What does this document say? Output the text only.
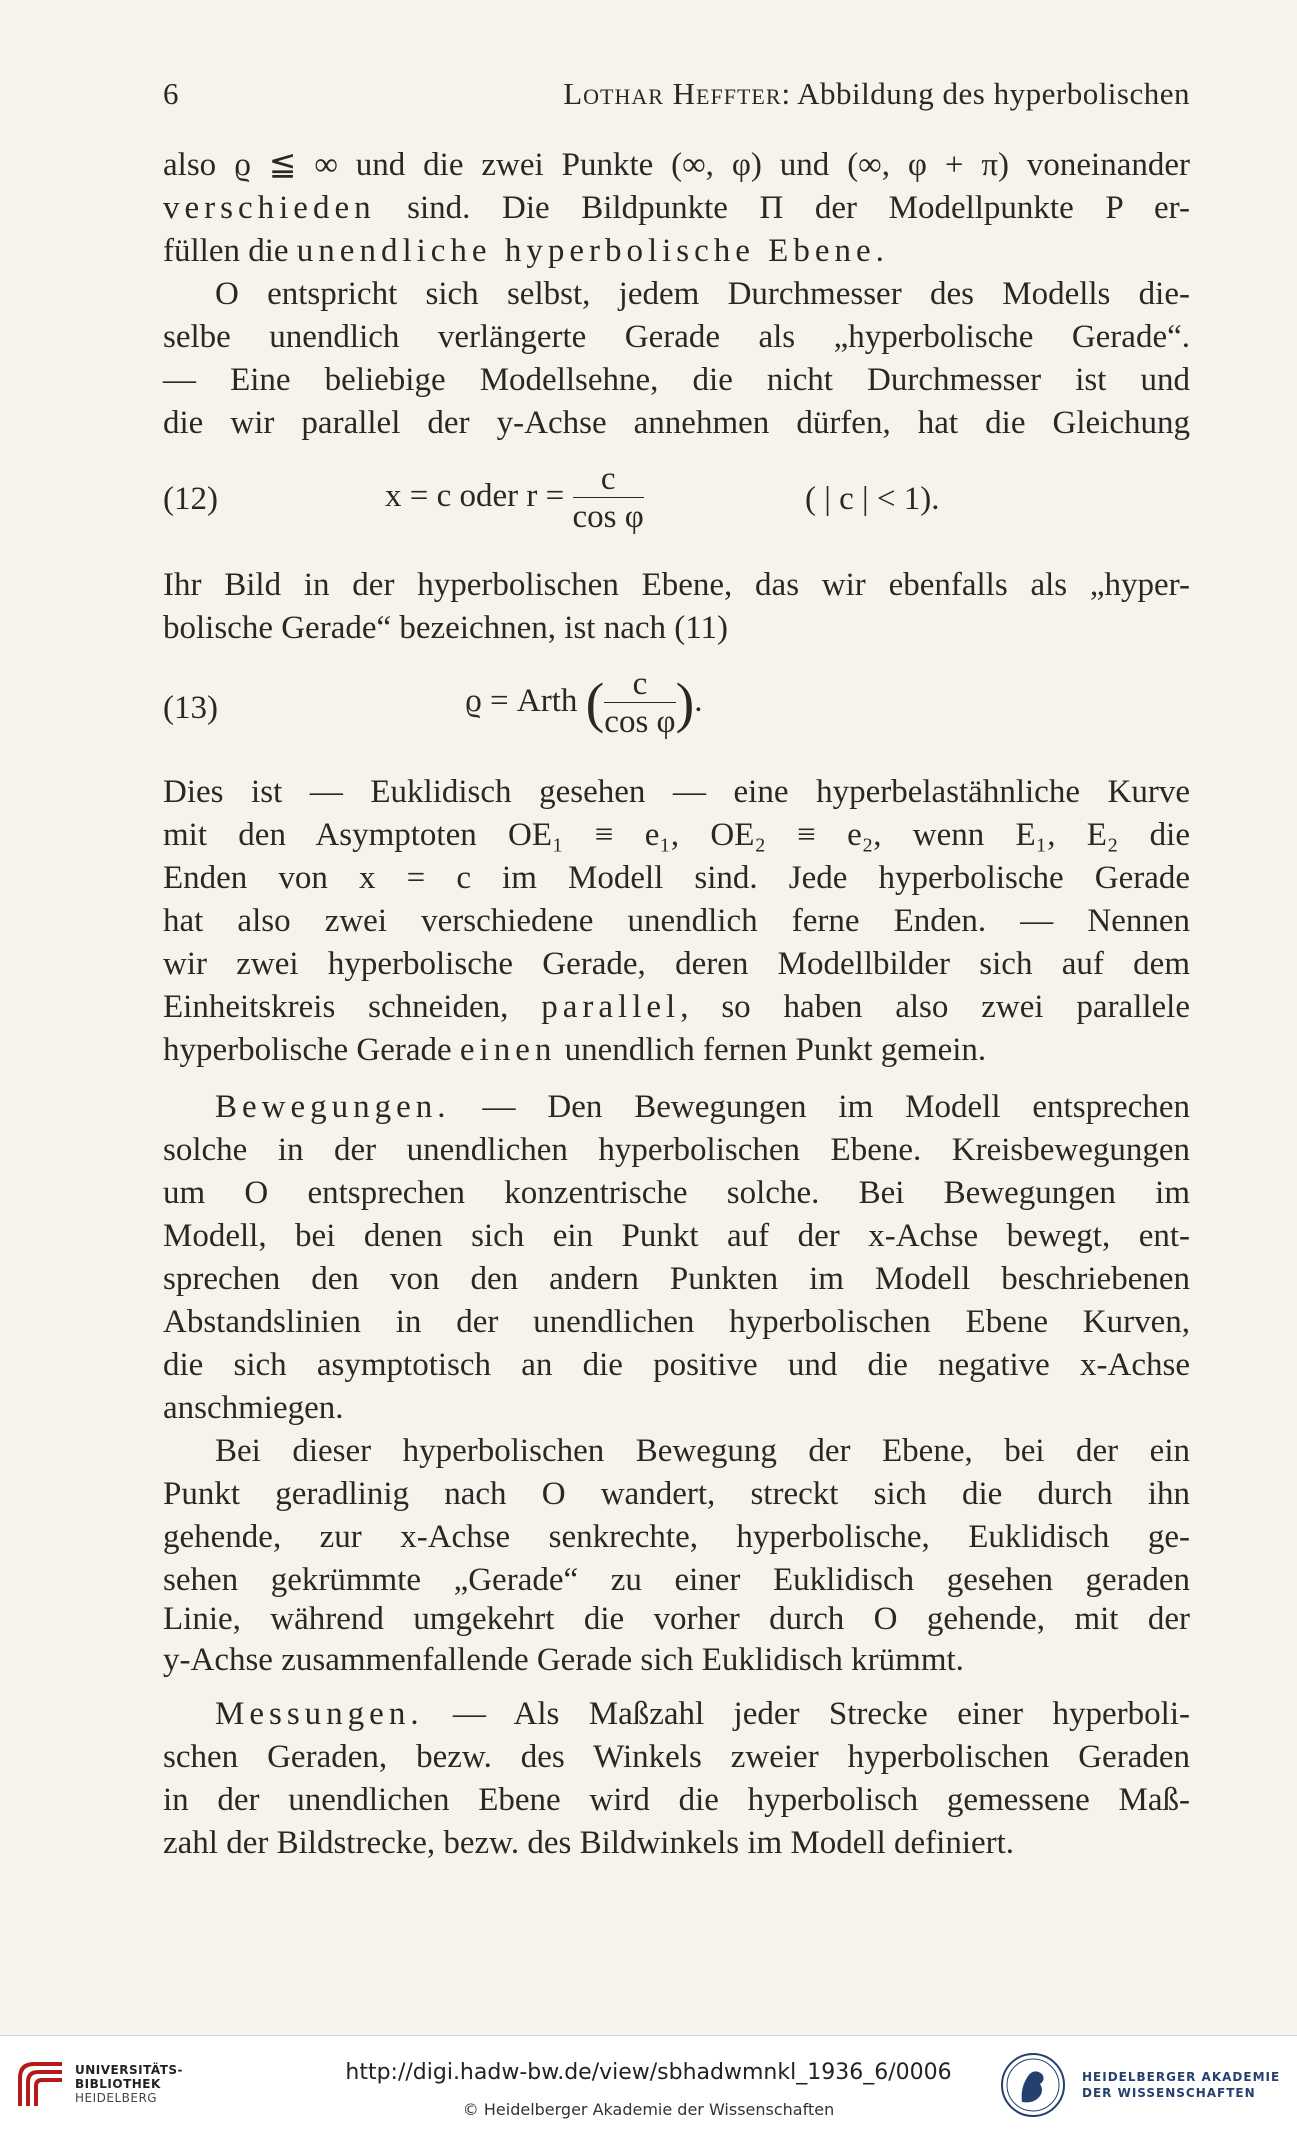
6	Lothar Heffter: Abbildung des hyperbolischen
also ϱ ≦ ∞ und die zwei Punkte (∞, φ) und (∞, φ + π) voneinander
verschieden sind. Die Bildpunkte Π der Modellpunkte P er-
füllen die unendliche hyperbolische Ebene.
O entspricht sich selbst, jedem Durchmesser des Modells die-
selbe unendlich verlängerte Gerade als „hyperbolische Gerade“.
— Eine beliebige Modellsehne, die nicht Durchmesser ist und
die wir parallel der y-Achse annehmen dürfen, hat die Gleichung
(12)	x = c oder $r = \frac{c}{\text{cos φ}}$	( | c | < 1).
Ihr Bild in der hyperbolischen Ebene, das wir ebenfalls als „hyper-
bolische Gerade“ bezeichnen, ist nach (11)
(13)	ϱ = Arth ( $\frac{c}{\text{cos φ}}$ ).
Dies ist — Euklidisch gesehen — eine hyperbelastähnliche Kurve
mit den Asymptoten OE₁ ≡ e₁, OE₂ ≡ e₂, wenn E₁, E₂ die
Enden von x = c im Modell sind. Jede hyperbolische Gerade
hat also zwei verschiedene unendlich ferne Enden. — Nennen
wir zwei hyperbolische Gerade, deren Modellbilder sich auf dem
Einheitskreis schneiden, parallel, so haben also zwei parallele
hyperbolische Gerade einen unendlich fernen Punkt gemein.
Bewegungen. — Den Bewegungen im Modell entsprechen
solche in der unendlichen hyperbolischen Ebene. Kreisbewegungen
um O entsprechen konzentrische solche. Bei Bewegungen im
Modell, bei denen sich ein Punkt auf der x-Achse bewegt, ent-
sprechen den von den andern Punkten im Modell beschriebenen
Abstandslinien in der unendlichen hyperbolischen Ebene Kurven,
die sich asymptotisch an die positive und die negative x-Achse
anschmiegen.
Bei dieser hyperbolischen Bewegung der Ebene, bei der ein
Punkt geradlinig nach O wandert, streckt sich die durch ihn
gehende, zur x-Achse senkrechte, hyperbolische, Euklidisch ge-
sehen gekrümmte „Gerade“ zu einer Euklidisch gesehen geraden
Linie, während umgekehrt die vorher durch O gehende, mit der
y-Achse zusammenfallende Gerade sich Euklidisch krümmt.
Messungen. — Als Maßzahl jeder Strecke einer hyperboli-
schen Geraden, bezw. des Winkels zweier hyperbolischen Geraden
in der unendlichen Ebene wird die hyperbolisch gemessene Maß-
zahl der Bildstrecke, bezw. des Bildwinkels im Modell definiert.
UNIVERSITÄTS-
BIBLIOTHEK
HEIDELBERG
http://digi.hadw-bw.de/view/sbhadwmnkl_1936_6/0006
© Heidelberger Akademie der Wissenschaften
HEIDELBERGER AKADEMIE
DER WISSENSCHAFTEN
